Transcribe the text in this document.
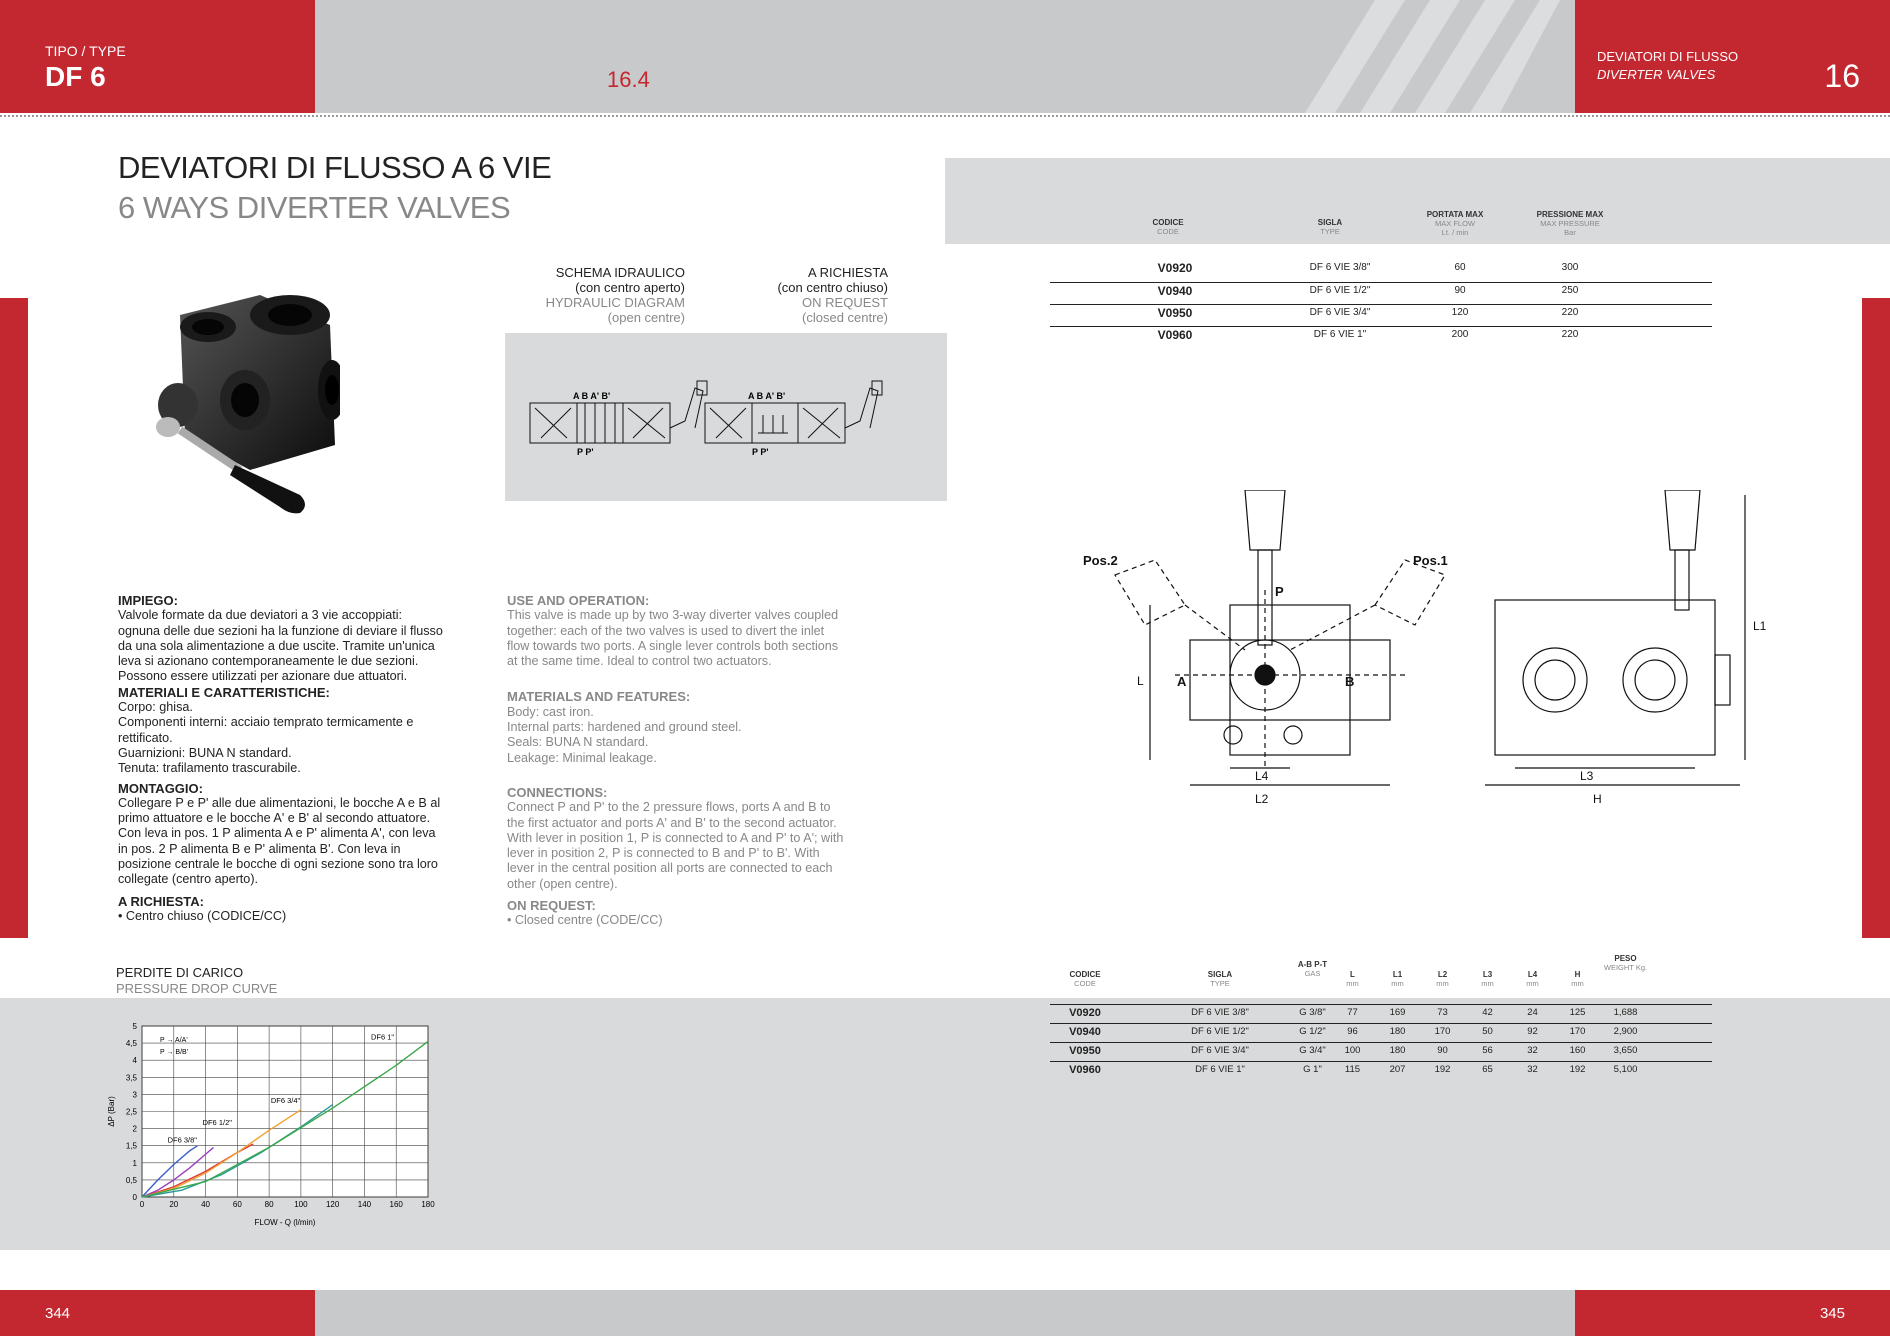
TIPO / TYPE
DF 6	16.4
DEVIATORI DI FLUSSO
DIVERTER VALVES	16
DEVIATORI DI FLUSSO A 6 VIE
6 WAYS DIVERTER VALVES
SCHEMA IDRAULICO
(con centro aperto)
HYDRAULIC DIAGRAM
(open centre)
A RICHIESTA
(con centro chiuso)
ON REQUEST
(closed centre)
A B A' B'
P P'
A B A' B'
P P'
CODICE
CODE
SIGLA
TYPE
PORTATA MAX
MAX FLOW
Lt. / min
PRESSIONE MAX
MAX PRESSURE
Bar
V0920	DF 6 VIE 3/8"	60	300
V0940	DF 6 VIE 1/2"	90	250
V0950	DF 6 VIE 3/4"	120	220
V0960	DF 6 VIE 1"	200	220
Pos.2	Pos.1
P
A	B
L
L4
L2
L3
H
L1
IMPIEGO:
Valvole formate da due deviatori a 3 vie accoppiati: ognuna delle due sezioni ha la funzione di deviare il flusso da una sola alimentazione a due uscite. Tramite un'unica leva si azionano contemporaneamente le due sezioni. Possono essere utilizzati per azionare due attuatori.
MATERIALI E CARATTERISTICHE:
Corpo: ghisa.
Componenti interni: acciaio temprato termicamente e rettificato.
Guarnizioni: BUNA N standard.
Tenuta: trafilamento trascurabile.
MONTAGGIO:
Collegare P e P' alle due alimentazioni, le bocche A e B al primo attuatore e le bocche A' e B' al secondo attuatore. Con leva in pos. 1 P alimenta A e P' alimenta A', con leva in pos. 2 P alimenta B e P' alimenta B'. Con leva in posizione centrale le bocche di ogni sezione sono tra loro collegate (centro aperto).
A RICHIESTA:
• Centro chiuso (CODICE/CC)
USE AND OPERATION:
This valve is made up by two 3-way diverter valves coupled together: each of the two valves is used to divert the inlet flow towards two ports. A single lever controls both sections at the same time. Ideal to control two actuators.
MATERIALS AND FEATURES:
Body: cast iron.
Internal parts: hardened and ground steel.
Seals: BUNA N standard.
Leakage: Minimal leakage.
CONNECTIONS:
Connect P and P' to the 2 pressure flows, ports A and B to the first actuator and ports A' and B' to the second actuator. With lever in position 1, P is connected to A and P' to A'; with lever in position 2, P is connected to B and P' to B'. With lever in the central position all ports are connected to each other (open centre).
ON REQUEST:
• Closed centre (CODE/CC)
PERDITE DI CARICO
PRESSURE DROP CURVE
0	20	40	60	80	100 120 140 160 180
0
0,5
1
1,5
2
2,5
3
3,5
4
4,5
5
DF6 3/8"
DF6 1/2"
DF6 3/4"
DF6 1"
P → A/A'
P → B/B'
FLOW - Q (l/min)
ΔP (Bar)
CODICE
CODE
SIGLA
TYPE
A-B P-T
GAS	L
mm
L1
mm
L2
mm
L3
mm
L4
mm
H
mm
PESO
WEIGHT Kg.
V0920	DF 6 VIE 3/8"	G 3/8"	77	169	73	42	24	125	1,688
V0940	DF 6 VIE 1/2"	G 1/2"	96	180	170	50	92	170	2,900
V0950	DF 6 VIE 3/4"	G 3/4"	100	180	90	56	32	160	3,650
V0960	DF 6 VIE 1"	G 1"	115	207	192	65	32	192	5,100
344	345
